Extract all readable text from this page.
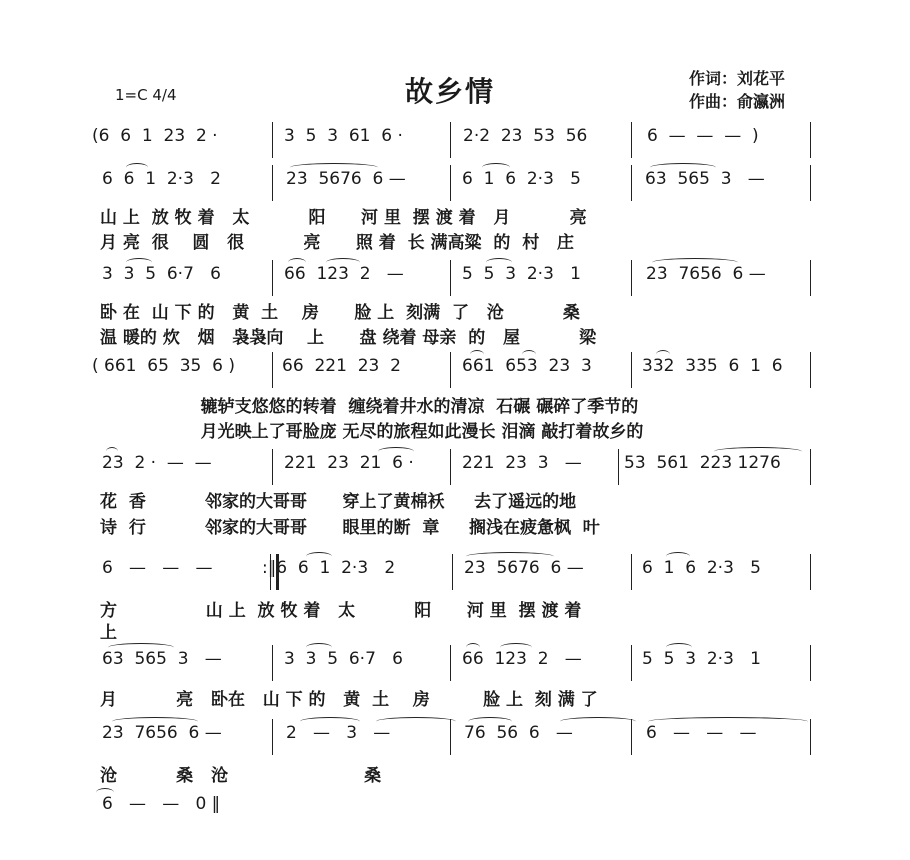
1=C 4/4	故乡情	作词：刘花平
作曲：俞瀛洲
(6  6  1  23  2 ·	3  5  3  61  6 ·	2·2  23  53  56	6  —  —  —  )
6  6  1  2·3   2	23  5676  6 —	6  1  6  2·3   5	63  565  3   —
山 上  放 牧 着   太          阳      河 里  摆 渡 着   月          亮
月 亮  很    圆   很          亮      照 着  长 满高粱  的  村   庄
3  3  5  6·7   6	66  123  2   —	5  5  3  2·3   1	23  7656  6 —
卧 在  山 下 的   黄  土    房      脸 上  刻满  了   沧          桑
温 暖的 炊   烟   袅袅向    上      盘 绕着 母亲  的   屋          梁
( 661  65  35  6 )	66  221  23  2	661  653  23  3	332  335  6  1  6
辘轳支悠悠的转着  缠绕着井水的清凉  石碾 碾碎了季节的
月光映上了哥脸庞 无尽的旅程如此漫长 泪滴 敲打着故乡的
23  2 ·  —  —	221  23  21  6 ·	221  23  3   — 53  561  223 1276
花  香          邻家的大哥哥      穿上了黄棉袄     去了遥远的地
诗  行          邻家的大哥哥      眼里的断  章     搁浅在疲惫枫  叶
6   —   —   —	:‖6  6  1  2·3   2	23  5676  6 —	6  1  6  2·3   5
方               山 上  放 牧 着   太          阳      河 里  摆 渡 着
上
63  565  3   —	3  3  5  6·7   6	66  123  2   —	5  5  3  2·3   1
月          亮   卧在   山 下 的   黄  土    房         脸 上  刻 满 了
23  7656  6 —	2   —   3   —	76  56  6   —	6   —   —   —
沧          桑   沧                       桑
6   —   —   0 ‖
